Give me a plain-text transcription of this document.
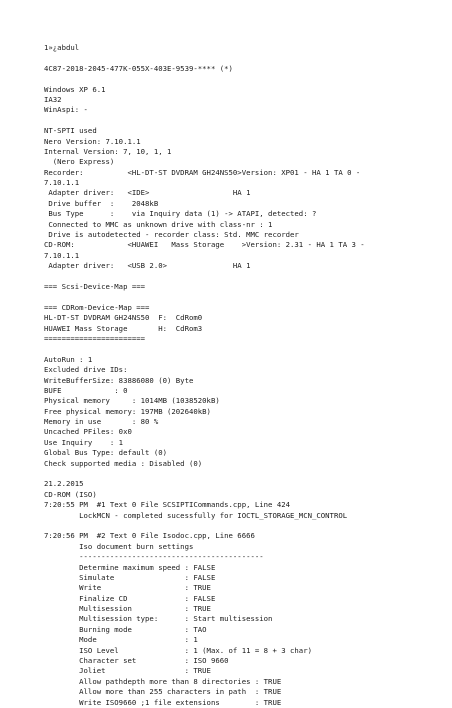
1»¿abdul
4C87-2018-2045-477K-055X-403E-9539-**** (*)
Windows XP 6.1
IA32
WinAspi: -
NT-SPTI used
Nero Version: 7.10.1.1
Internal Version: 7, 10, 1, 1
(Nero Express)
Recorder:          <HL-DT-ST DVDRAM GH24NS50>Version: XP01 - HA 1 TA 0 -
7.10.1.1
Adapter driver:   <IDE>                   HA 1
Drive buffer  :    2048kB
Bus Type      :    via Inquiry data (1) -> ATAPI, detected: ?
Connected to MMC as unknown drive with class-nr : 1
Drive is autodetected - recorder class: Std. MMC recorder
CD-ROM:            <HUAWEI   Mass Storage    >Version: 2.31 - HA 1 TA 3 -
7.10.1.1
Adapter driver:   <USB 2.0>               HA 1
=== Scsi-Device-Map ===
=== CDRom-Device-Map ===
HL-DT-ST DVDRAM GH24NS50  F:  CdRom0
HUAWEI Mass Storage       H:  CdRom3
=======================
AutoRun : 1
Excluded drive IDs:
WriteBufferSize: 83886080 (0) Byte
BUFE            : 0
Physical memory     : 1014MB (1038520kB)
Free physical memory: 197MB (202640kB)
Memory in use       : 80 %
Uncached PFiles: 0x0
Use Inquiry    : 1
Global Bus Type: default (0)
Check supported media : Disabled (0)
21.2.2015
CD-ROM (ISO)
7:20:55 PM  #1 Text 0 File SCSIPTICommands.cpp, Line 424
LockMCN - completed sucessfully for IOCTL_STORAGE_MCN_CONTROL
7:20:56 PM  #2 Text 0 File Isodoc.cpp, Line 6666
Iso document burn settings
------------------------------------------
Determine maximum speed : FALSE
Simulate                : FALSE
Write                   : TRUE
Finalize CD             : FALSE
Multisession            : TRUE
Multisession type:      : Start multisession
Burning mode            : TAO
Mode                    : 1
ISO Level               : 1 (Max. of 11 = 8 + 3 char)
Character set           : ISO 9660
Joliet                  : TRUE
Allow pathdepth more than 8 directories : TRUE
Allow more than 255 characters in path  : TRUE
Write ISO9660 ;1 file extensions        : TRUE
